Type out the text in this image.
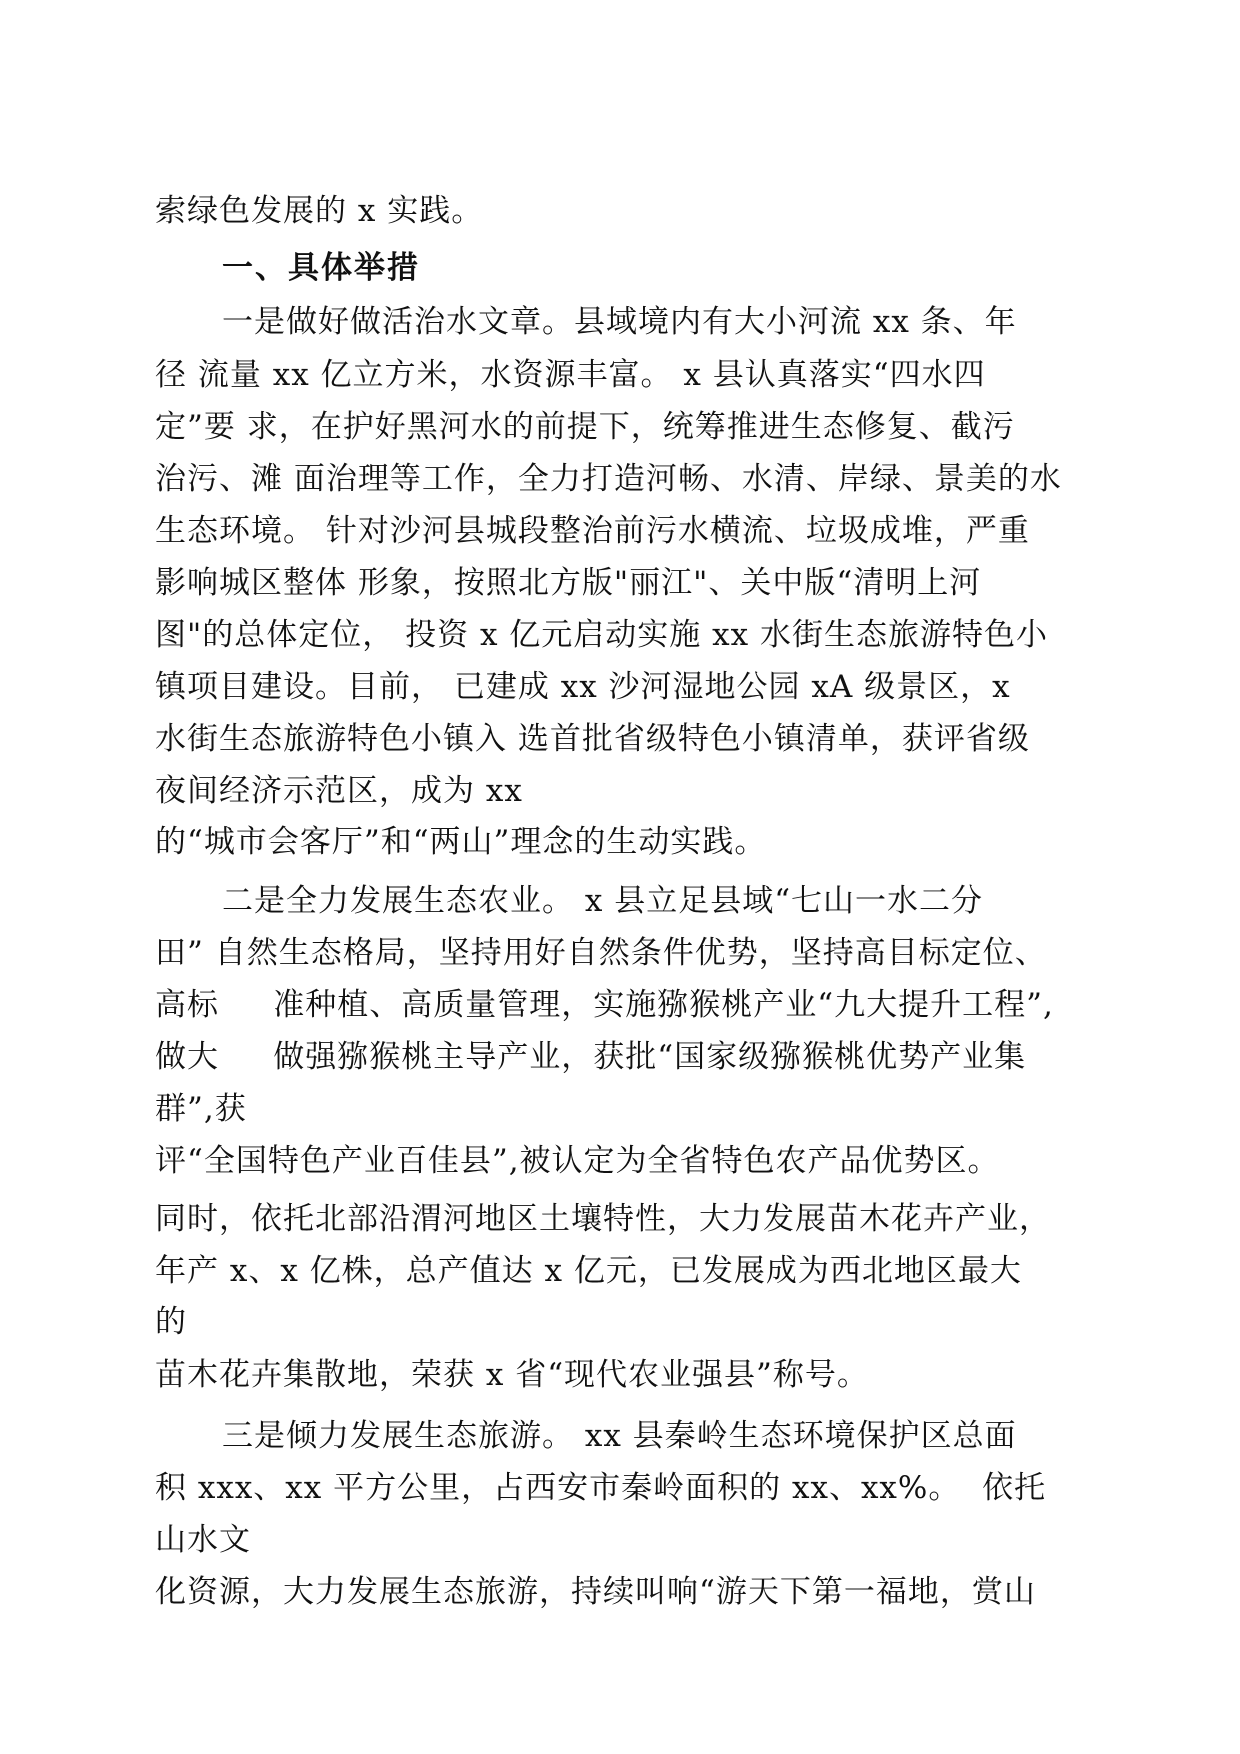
索绿色发展的 x 实践。
一、具体举措
一是做好做活治水文章。县域境内有大小河流 xx 条、年
径 流量 xx 亿立方米，水资源丰富。 x 县认真落实“四水四
定”要 求，在护好黑河水的前提下，统筹推进生态修复、截污
治污、滩 面治理等工作，全力打造河畅、水清、岸绿、景美的水
生态环境。 针对沙河县城段整治前污水横流、垃圾成堆，严重
影响城区整体 形象，按照北方版"丽江"、关中版“清明上河
图"的总体定位， 投资 x 亿元启动实施 xx 水街生态旅游特色小
镇项目建设。目前， 已建成 xx 沙河湿地公园 xA 级景区，x
水街生态旅游特色小镇入 选首批省级特色小镇清单，获评省级
夜间经济示范区，成为 xx
的“城市会客厅”和“两山”理念的生动实践。
二是全力发展生态农业。 x 县立足县域“七山一水二分
田” 自然生态格局，坚持用好自然条件优势，坚持高目标定位、
高标     准种植、高质量管理，实施猕猴桃产业“九大提升工程”,
做大     做强猕猴桃主导产业，获批“国家级猕猴桃优势产业集
群”,获
评“全国特色产业百佳县”,被认定为全省特色农产品优势区。
同时，依托北部沿渭河地区土壤特性，大力发展苗木花卉产业，
年产 x、x 亿株，总产值达 x 亿元，已发展成为西北地区最大
的
苗木花卉集散地，荣获 x 省“现代农业强县”称号。
三是倾力发展生态旅游。 xx 县秦岭生态环境保护区总面
积 xxx、xx 平方公里，占西安市秦岭面积的 xx、xx%。  依托
山水文
化资源，大力发展生态旅游，持续叫响“游天下第一福地，赏山
